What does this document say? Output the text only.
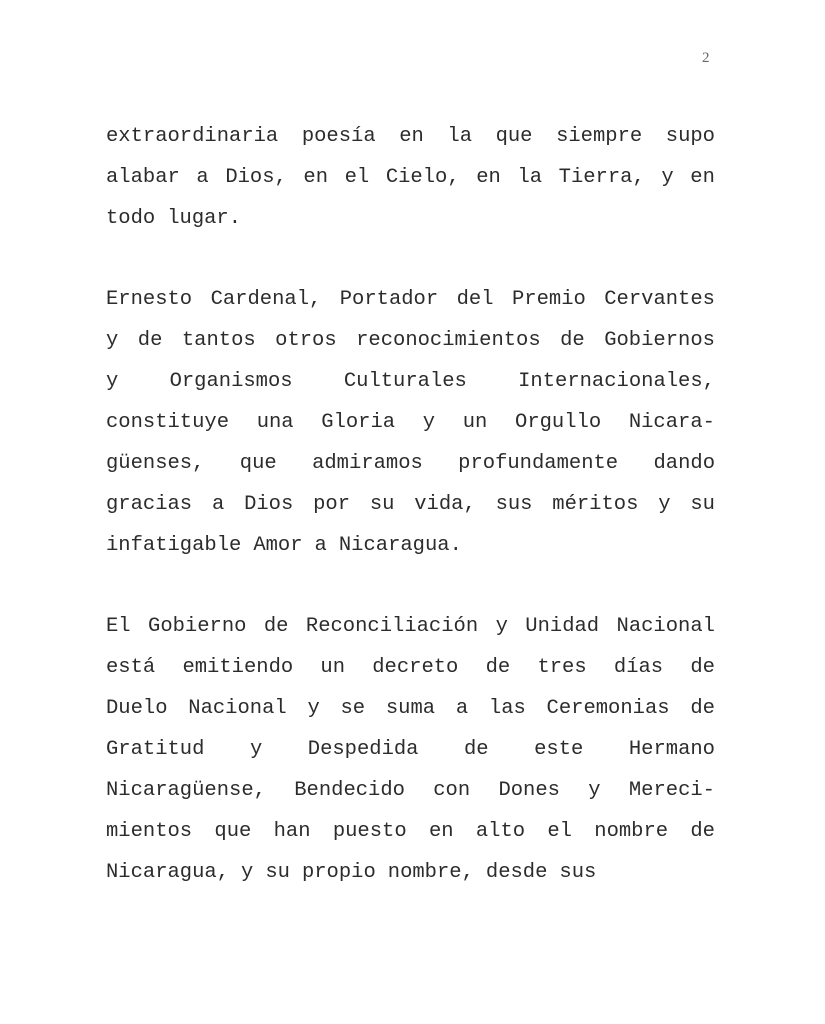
2
extraordinaria poesía en la que siempre supo
alabar a Dios, en el Cielo, en la Tierra, y en
todo lugar.
Ernesto Cardenal, Portador del Premio Cervantes
y de tantos otros reconocimientos de Gobiernos
y	Organismos	Culturales	Internacionales,
constituye una Gloria y un Orgullo Nicara-
güenses, que admiramos profundamente dando
gracias a Dios por su vida, sus méritos y su
infatigable Amor a Nicaragua.
El Gobierno de Reconciliación y Unidad Nacional
está emitiendo un decreto de tres días de
Duelo Nacional y se suma a las Ceremonias de
Gratitud y Despedida de este Hermano
Nicaragüense, Bendecido con Dones y Mereci-
mientos que han puesto en alto el nombre de
Nicaragua, y su propio nombre, desde sus
